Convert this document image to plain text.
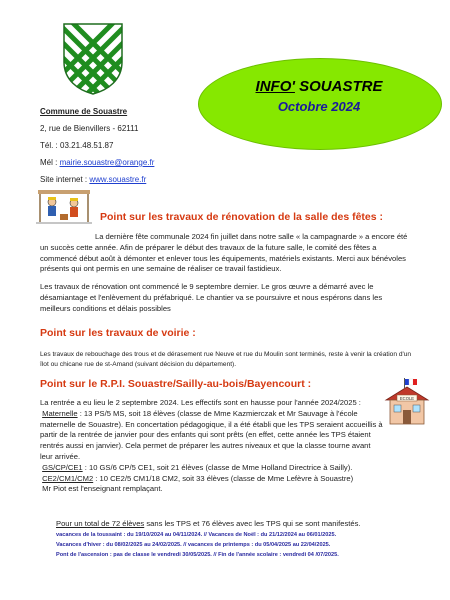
INFO' SOUASTRE
Octobre 2024
Commune de Souastre
2, rue de Bienvillers - 62111
Tél. : 03.21.48.51.87
Mél : mairie.souastre@orange.fr
Site internet : www.souastre.fr
Point sur les travaux de rénovation de la salle des fêtes :

La dernière fête communale 2024 fin juillet dans notre salle « la campagnarde » a encore été un succès cette année. Afin de préparer le début des travaux de la future salle, le comité des fêtes a commencé début août à démonter et enlever tous les équipements, matériels existants. Merci aux bénévoles présents qui ont permis en une semaine de réaliser ce travail fastidieux.

Les travaux de rénovation ont commencé le 9 septembre dernier. Le gros œuvre a démarré avec le désamiantage et l'enlèvement du préfabriqué. Le chantier va se poursuivre et nous espérons dans les meilleurs conditions et délais possibles

Point sur les travaux de voirie :

Les travaux de rebouchage des trous et de dérasement rue Neuve et rue du Moulin sont terminés, reste à venir la création d'un îlot ou chicane rue de st-Amand (suivant décision du département).

Point sur le R.P.I. Souastre/Sailly-au-bois/Bayencourt :

La rentrée a eu lieu le 2 septembre 2024. Les effectifs sont en hausse pour l'année 2024/2025 :
Maternelle : 13 PS/5 MS, soit 18 élèves (classe de Mme Kazmierczak et Mr Sauvage à l'école maternelle de Souastre). En concertation pédagogique, il a été établi que les TPS seraient accueillis à partir de la rentrée de janvier pour des enfants qui sont prêts (en effet, cette année les TPS étaient rentrés aussi en janvier). Cela permet de préparer les autres niveaux et que la classe tourne avant leur arrivée.
GS/CP/CE1 : 10 GS/6 CP/5 CE1, soit 21 élèves (classe de Mme Holland Directrice à Sailly).
CE2/CM1/CM2 : 10 CE2/5 CM1/18 CM2, soit 33 élèves (classe de Mme Lefèvre à Souastre)
Mr Piot est l'enseignant remplaçant.

Pour un total de 72 élèves sans les TPS et 76 élèves avec les TPS qui se sont manifestés.

ECOLE
vacances de la toussaint : du 19/10/2024 au 04/11/2024. // Vacances de Noël : du 21/12/2024 au 06/01/2025.
Vacances d'hiver : du 08/02/2025 au 24/02/2025. // vacances de printemps : du 05/04/2025 au 22/04/2025.
Pont de l'ascension : pas de classe le vendredi 30/05/2025. // Fin de l'année scolaire : vendredi 04 /07/2025.
